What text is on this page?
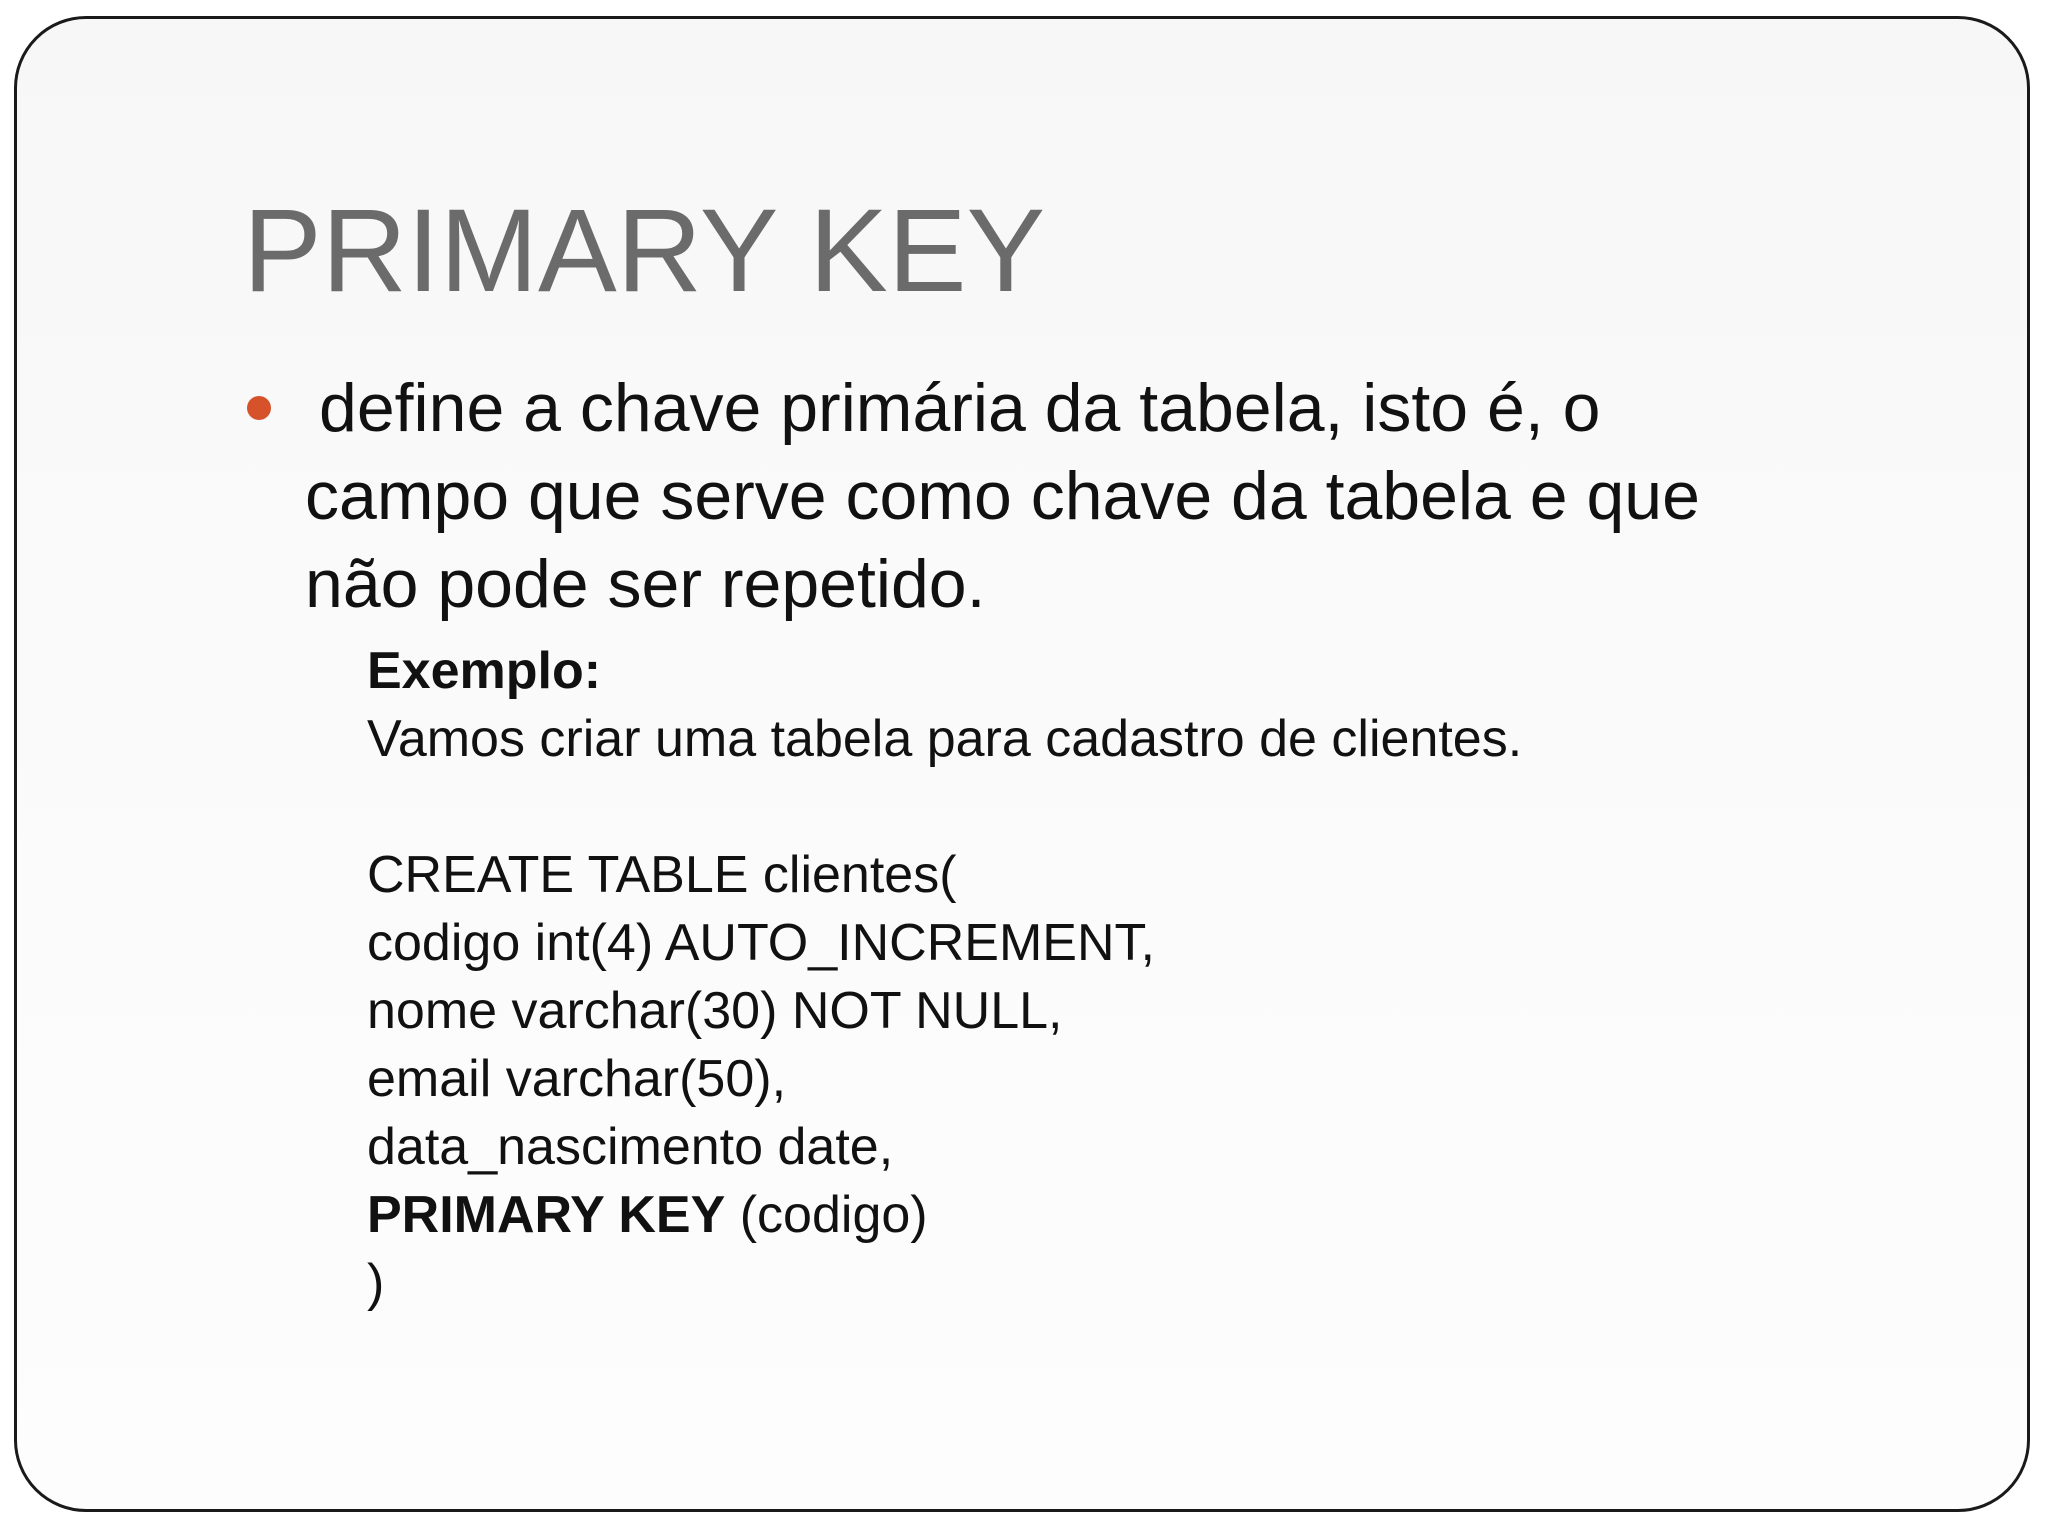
PRIMARY KEY

define a chave primária da tabela, isto é, o
campo que serve como chave da tabela e que
não pode ser repetido.

Exemplo:
Vamos criar uma tabela para cadastro de clientes.
CREATE TABLE clientes(
codigo int(4) AUTO_INCREMENT,
nome varchar(30) NOT NULL,
email varchar(50),
data_nascimento date,
PRIMARY KEY (codigo)
)
